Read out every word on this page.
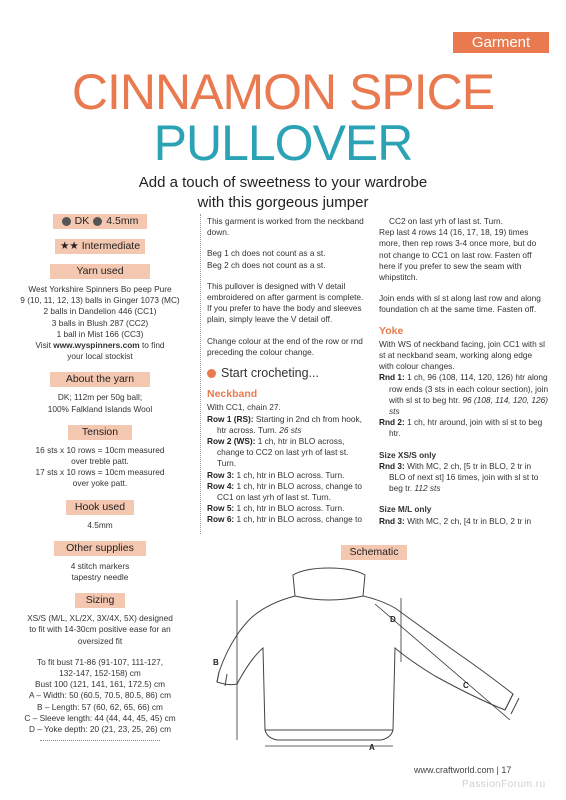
Garment
CINNAMON SPICE
PULLOVER
Add a touch of sweetness to your wardrobe
with this gorgeous jumper
DK 4.5mm
★★ Intermediate
Yarn used
West Yorkshire Spinners Bo peep Pure
9 (10, 11, 12, 13) balls in Ginger 1073 (MC)
2 balls in Dandelion 446 (CC1)
3 balls in Blush 287 (CC2)
1 ball in Mist 166 (CC3)
Visit www.wyspinners.com to find
your local stockist
About the yarn
DK; 112m per 50g ball;
100% Falkland Islands Wool
Tension
16 sts x 10 rows = 10cm measured
over treble patt.
17 sts x 10 rows = 10cm measured
over yoke patt.
Hook used
4.5mm
Other supplies
4 stitch markers
tapestry needle
Sizing
XS/S (M/L, XL/2X, 3X/4X, 5X) designed
to fit with 14-30cm positive ease for an
oversized fit
To fit bust 71-86 (91-107, 111-127,
132-147, 152-158) cm
Bust 100 (121, 141, 161, 172.5) cm
A – Width: 50 (60.5, 70.5, 80.5, 86) cm
B – Length: 57 (60, 62, 65, 66) cm
C – Sleeve length: 44 (44, 44, 45, 45) cm
D – Yoke depth: 20 (21, 23, 25, 26) cm

This garment is worked from the neckband down.

Beg 1 ch does not count as a st.
Beg 2 ch does not count as a st.

This pullover is designed with V detail embroidered on after garment is complete. If you prefer to have the body and sleeves plain, simply leave the V detail off.

Change colour at the end of the row or rnd preceding the colour change.

Start crocheting...
Neckband
With CC1, chain 27.
Row 1 (RS): Starting in 2nd ch from hook, htr across. Turn. 26 sts
Row 2 (WS): 1 ch, htr in BLO across, change to CC2 on last yrh of last st. Turn.
Row 3: 1 ch, htr in BLO across. Turn.
Row 4: 1 ch, htr in BLO across, change to CC1 on last yrh of last st. Turn.
Row 5: 1 ch, htr in BLO across. Turn.
Row 6: 1 ch, htr in BLO across, change to
CC2 on last yrh of last st. Turn.

Rep last 4 rows 14 (16, 17, 18, 19) times more, then rep rows 3-4 once more, but do not change to CC1 on last row. Fasten off here if you prefer to sew the seam with whipstitch.

Join ends with sl st along last row and along foundation ch at the same time. Fasten off.

Yoke
With WS of neckband facing, join CC1 with sl st at neckband seam, working along edge with colour changes.
Rnd 1: 1 ch, 96 (108, 114, 120, 126) htr along row ends (3 sts in each colour section), join with sl st to beg htr. 96 (108, 114, 120, 126) sts
Rnd 2: 1 ch, htr around, join with sl st to beg htr.
Size XS/S only
Rnd 3: With MC, 2 ch, [5 tr in BLO, 2 tr in BLO of next st] 16 times, join with sl st to beg tr. 112 sts
Size M/L only
Rnd 3: With MC, 2 ch, [4 tr in BLO, 2 tr in
Schematic
A
B
C
D
www.craftworld.com | 17
PassionForum.ru
